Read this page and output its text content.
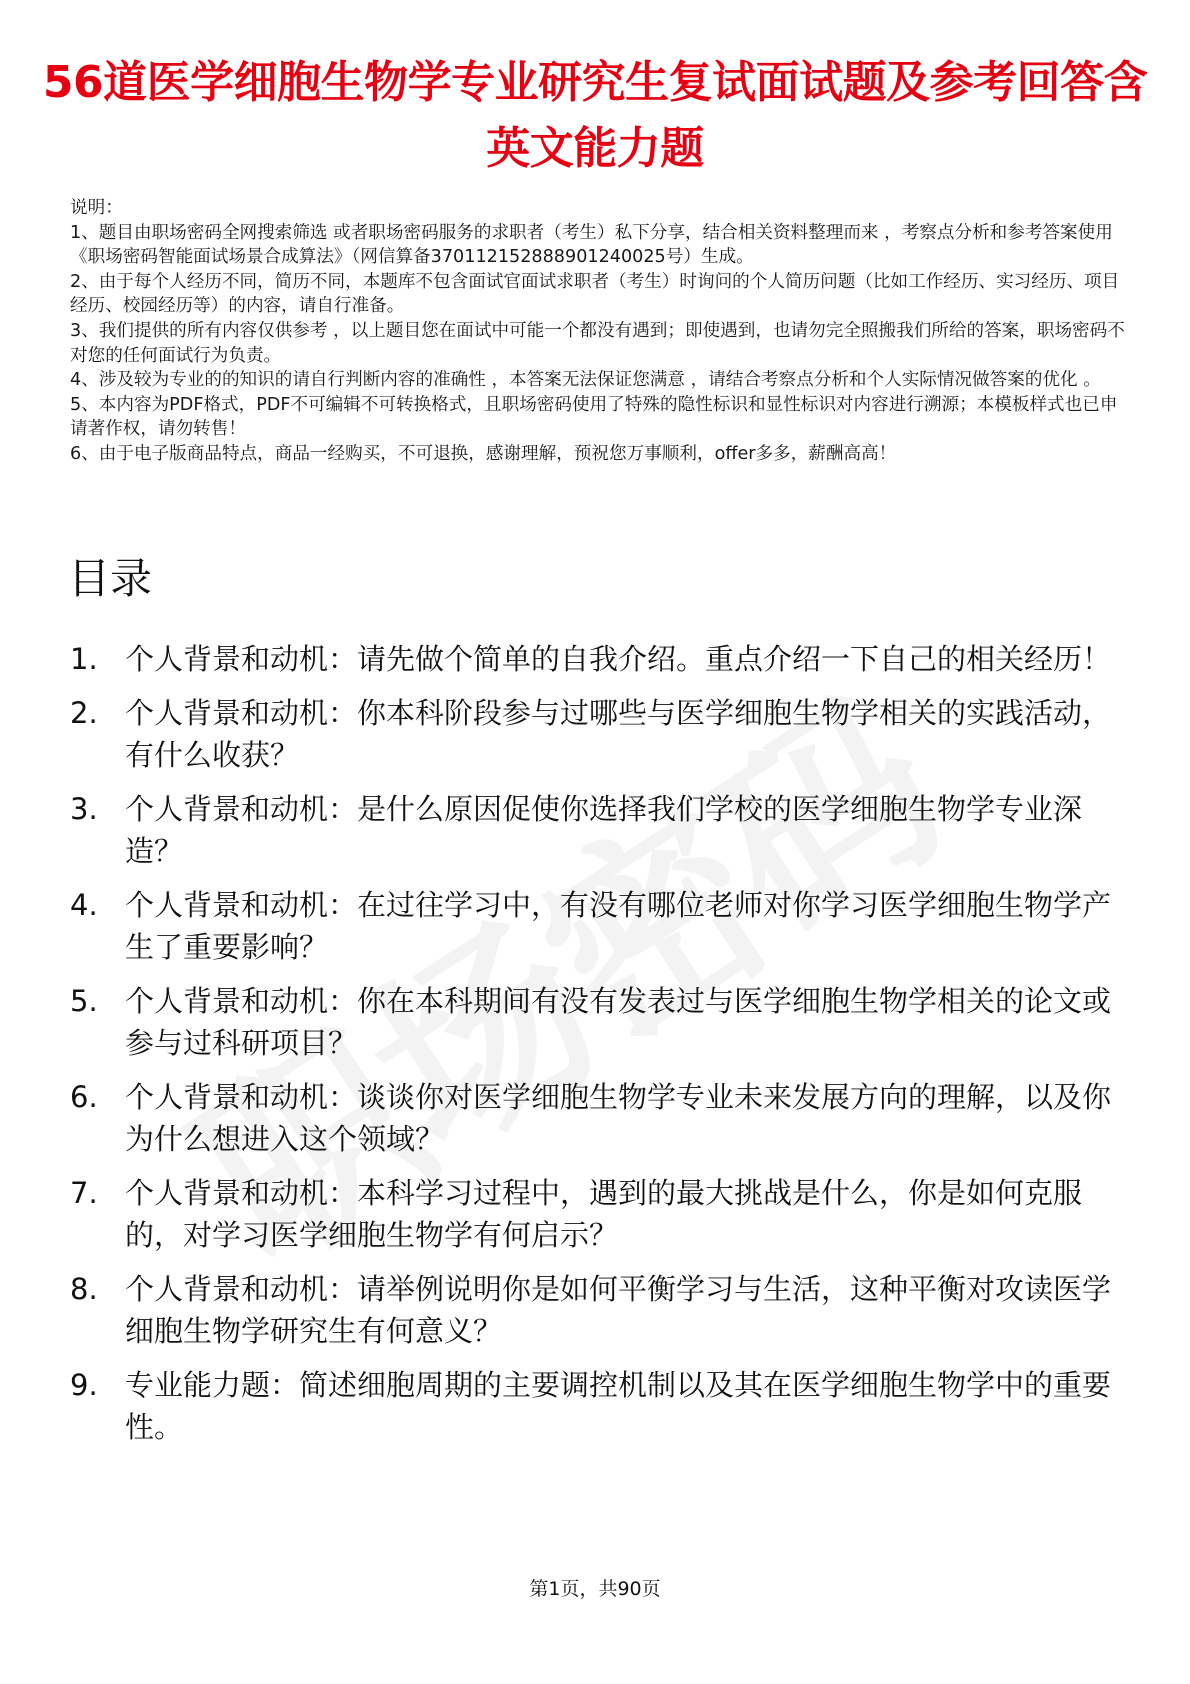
56道医学细胞生物学专业研究生复试面试题及参考回答含英文能力题

说明：

1、题目由职场密码全网搜索筛选 或者职场密码服务的求职者（考生）私下分享，结合相关资料整理而来 ，考察点分析和参考答案使用《职场密码智能面试场景合成算法》（网信算备370112152888901240025号）生成。

2、由于每个人经历不同，简历不同，本题库不包含面试官面试求职者（考生）时询问的个人简历问题（比如工作经历、实习经历、项目经历、校园经历等）的内容，请自行准备。

3、我们提供的所有内容仅供参考 ，以上题目您在面试中可能一个都没有遇到；即使遇到，也请勿完全照搬我们所给的答案，职场密码不对您的任何面试行为负责。

4、涉及较为专业的的知识的请自行判断内容的准确性 ，本答案无法保证您满意 ，请结合考察点分析和个人实际情况做答案的优化 。

5、本内容为PDF格式，PDF不可编辑不可转换格式，且职场密码使用了特殊的隐性标识和显性标识对内容进行溯源；本模板样式也已申请著作权，请勿转售！

6、由于电子版商品特点，商品一经购买，不可退换，感谢理解，预祝您万事顺利，offer多多，薪酬高高！

目录
1. 个人背景和动机：请先做个简单的自我介绍。重点介绍一下自己的相关经历！
2. 个人背景和动机：你本科阶段参与过哪些与医学细胞生物学相关的实践活动，有什么收获？
3. 个人背景和动机：是什么原因促使你选择我们学校的医学细胞生物学专业深造？
4. 个人背景和动机：在过往学习中，有没有哪位老师对你学习医学细胞生物学产生了重要影响？
5. 个人背景和动机：你在本科期间有没有发表过与医学细胞生物学相关的论文或参与过科研项目？
6. 个人背景和动机：谈谈你对医学细胞生物学专业未来发展方向的理解，以及你为什么想进入这个领域？
7. 个人背景和动机：本科学习过程中，遇到的最大挑战是什么，你是如何克服的，对学习医学细胞生物学有何启示？
8. 个人背景和动机：请举例说明你是如何平衡学习与生活，这种平衡对攻读医学细胞生物学研究生有何意义？
9. 专业能力题：简述细胞周期的主要调控机制以及其在医学细胞生物学中的重要性。
第1页，共90页
